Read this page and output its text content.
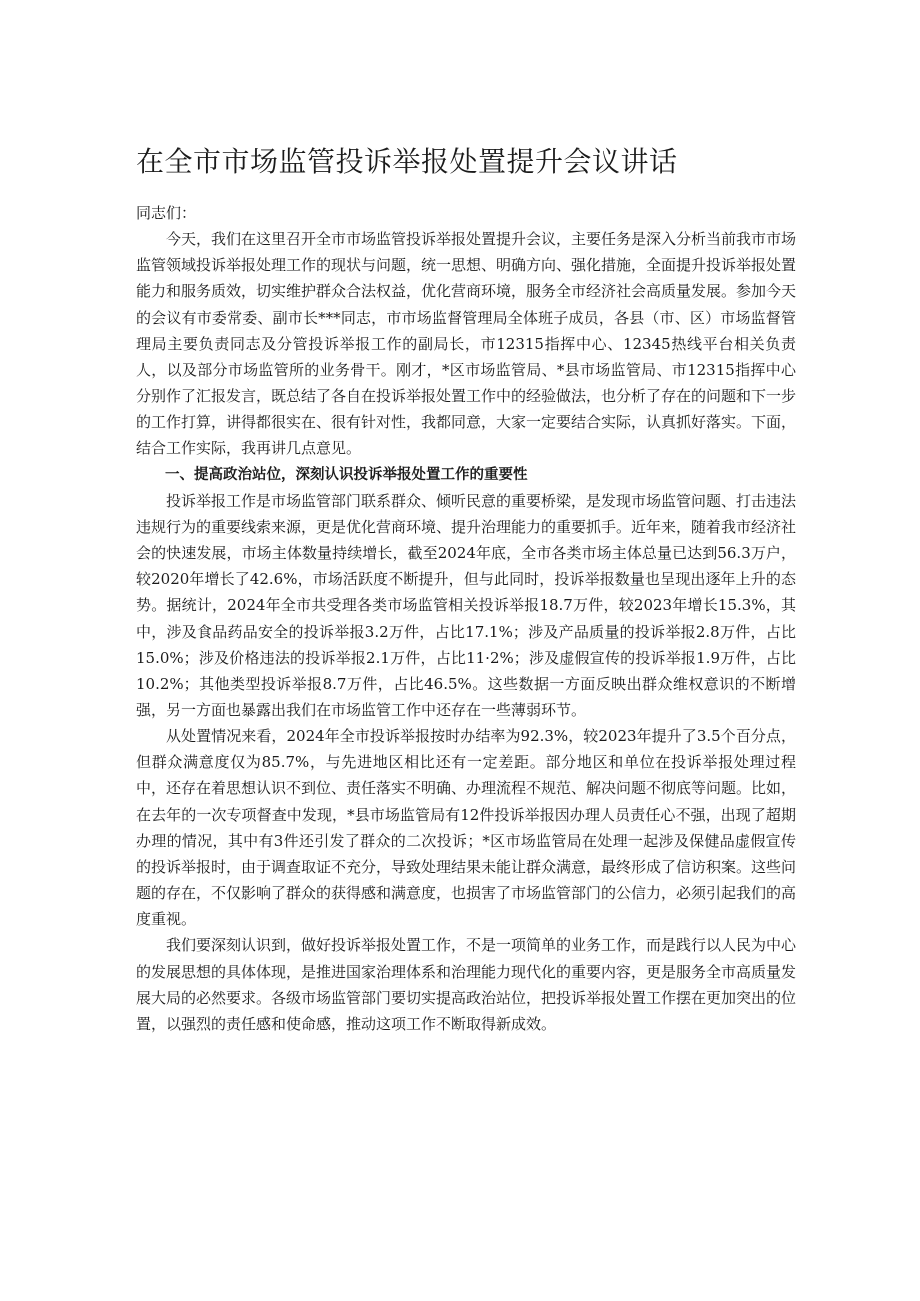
在全市市场监管投诉举报处置提升会议讲话

同志们：

今天，我们在这里召开全市市场监管投诉举报处置提升会议，主要任务是深入分析当前我市市场监管领域投诉举报处理工作的现状与问题，统一思想、明确方向、强化措施，全面提升投诉举报处置能力和服务质效，切实维护群众合法权益，优化营商环境，服务全市经济社会高质量发展。参加今天的会议有市委常委、副市长***同志，市市场监督管理局全体班子成员，各县（市、区）市场监督管理局主要负责同志及分管投诉举报工作的副局长，市12315指挥中心、12345热线平台相关负责人，以及部分市场监管所的业务骨干。刚才，*区市场监管局、*县市场监管局、市12315指挥中心分别作了汇报发言，既总结了各自在投诉举报处置工作中的经验做法，也分析了存在的问题和下一步的工作打算，讲得都很实在、很有针对性，我都同意，大家一定要结合实际，认真抓好落实。下面，结合工作实际，我再讲几点意见。

一、提高政治站位，深刻认识投诉举报处置工作的重要性

投诉举报工作是市场监管部门联系群众、倾听民意的重要桥梁，是发现市场监管问题、打击违法违规行为的重要线索来源，更是优化营商环境、提升治理能力的重要抓手。近年来，随着我市经济社会的快速发展，市场主体数量持续增长，截至2024年底，全市各类市场主体总量已达到56.3万户，较2020年增长了42.6%，市场活跃度不断提升，但与此同时，投诉举报数量也呈现出逐年上升的态势。据统计，2024年全市共受理各类市场监管相关投诉举报18.7万件，较2023年增长15.3%，其中，涉及食品药品安全的投诉举报3.2万件，占比17.1%；涉及产品质量的投诉举报2.8万件，占比15.0%；涉及价格违法的投诉举报2.1万件，占比11·2%；涉及虚假宣传的投诉举报1.9万件，占比10.2%；其他类型投诉举报8.7万件，占比46.5%。这些数据一方面反映出群众维权意识的不断增强，另一方面也暴露出我们在市场监管工作中还存在一些薄弱环节。

从处置情况来看，2024年全市投诉举报按时办结率为92.3%，较2023年提升了3.5个百分点，但群众满意度仅为85.7%，与先进地区相比还有一定差距。部分地区和单位在投诉举报处理过程中，还存在着思想认识不到位、责任落实不明确、办理流程不规范、解决问题不彻底等问题。比如，在去年的一次专项督查中发现，*县市场监管局有12件投诉举报因办理人员责任心不强，出现了超期办理的情况，其中有3件还引发了群众的二次投诉；*区市场监管局在处理一起涉及保健品虚假宣传的投诉举报时，由于调查取证不充分，导致处理结果未能让群众满意，最终形成了信访积案。这些问题的存在，不仅影响了群众的获得感和满意度，也损害了市场监管部门的公信力，必须引起我们的高度重视。

我们要深刻认识到，做好投诉举报处置工作，不是一项简单的业务工作，而是践行以人民为中心的发展思想的具体体现，是推进国家治理体系和治理能力现代化的重要内容，更是服务全市高质量发展大局的必然要求。各级市场监管部门要切实提高政治站位，把投诉举报处置工作摆在更加突出的位置，以强烈的责任感和使命感，推动这项工作不断取得新成效。
